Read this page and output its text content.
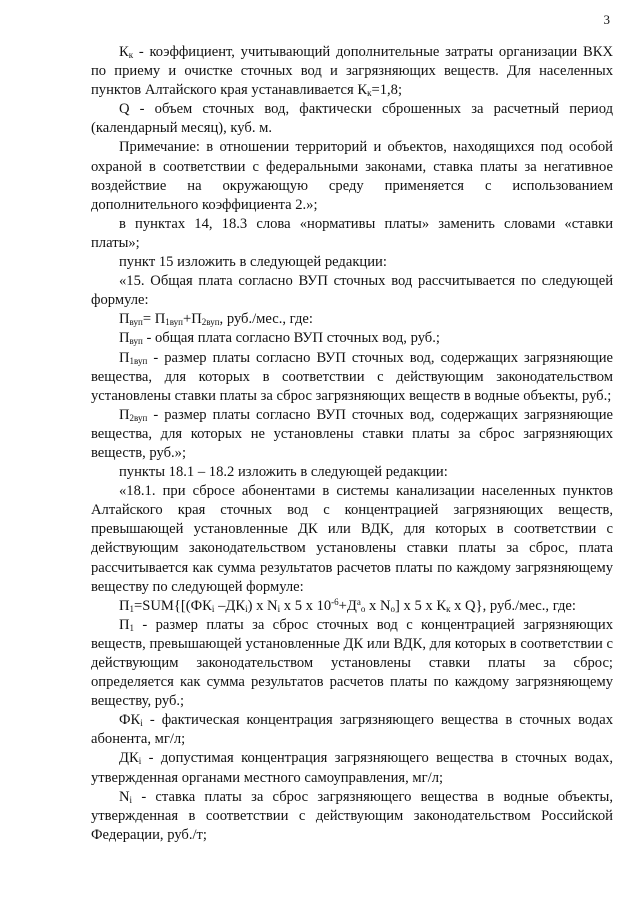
3

$К_к$ - коэффициент, учитывающий дополнительные затраты организации ВКХ по приему и очистке сточных вод и загрязняющих веществ. Для населенных пунктов Алтайского края устанавливается $К_к=1,8$;

Q - объем сточных вод, фактически сброшенных за расчетный период (календарный месяц), куб. м.

Примечание: в отношении территорий и объектов, находящихся под особой охраной в соответствии с федеральными законами, ставка платы за негативное воздействие на окружающую среду применяется с использованием дополнительного коэффициента 2.»;

в пунктах 14, 18.3 слова «нормативы платы» заменить словами «ставки платы»;

пункт 15 изложить в следующей редакции:

«15. Общая плата согласно ВУП сточных вод рассчитывается по следующей формуле:

$П_{вуп}= П_{1вуп}+П_{2вуп}$, руб./мес., где:

$П_{вуп}$ - общая плата согласно ВУП сточных вод, руб.;

$П_{1вуп}$ - размер платы согласно ВУП сточных вод, содержащих загрязняющие вещества, для которых в соответствии с действующим законодательством установлены ставки платы за сброс загрязняющих веществ в водные объекты, руб.;

$П_{2вуп}$ - размер платы согласно ВУП сточных вод, содержащих загрязняющие вещества, для которых не установлены ставки платы за сброс загрязняющих веществ, руб.»;

пункты 18.1 – 18.2 изложить в следующей редакции:

«18.1. при сбросе абонентами в системы канализации населенных пунктов Алтайского края сточных вод с концентрацией загрязняющих веществ, превышающей установленные ДК или ВДК, для которых в соответствии с действующим законодательством установлены ставки платы за сброс, плата рассчитывается как сумма результатов расчетов платы по каждому загрязняющему веществу по следующей формуле:

$П_1=SUM\{[(ФК_i$ $-ДК_i$) х $N_i$ х 5 х $10^{-6}+Д^а_о$ х $N_о$] х 5 х $К_к$ х Q}, руб./мес., где:

$П_1$ - размер платы за сброс сточных вод с концентрацией загрязняющих веществ, превышающей установленные ДК или ВДК, для которых в соответствии с действующим законодательством установлены ставки платы за сброс; определяется как сумма результатов расчетов платы по каждому загрязняющему веществу, руб.;

$ФК_i$ - фактическая концентрация загрязняющего вещества в сточных водах абонента, мг/л;

$ДК_i$ - допустимая концентрация загрязняющего вещества в сточных водах, утвержденная органами местного самоуправления, мг/л;

$N_i$ - ставка платы за сброс загрязняющего вещества в водные объекты, утвержденная в соответствии с действующим законодательством Российской Федерации, руб./т;
